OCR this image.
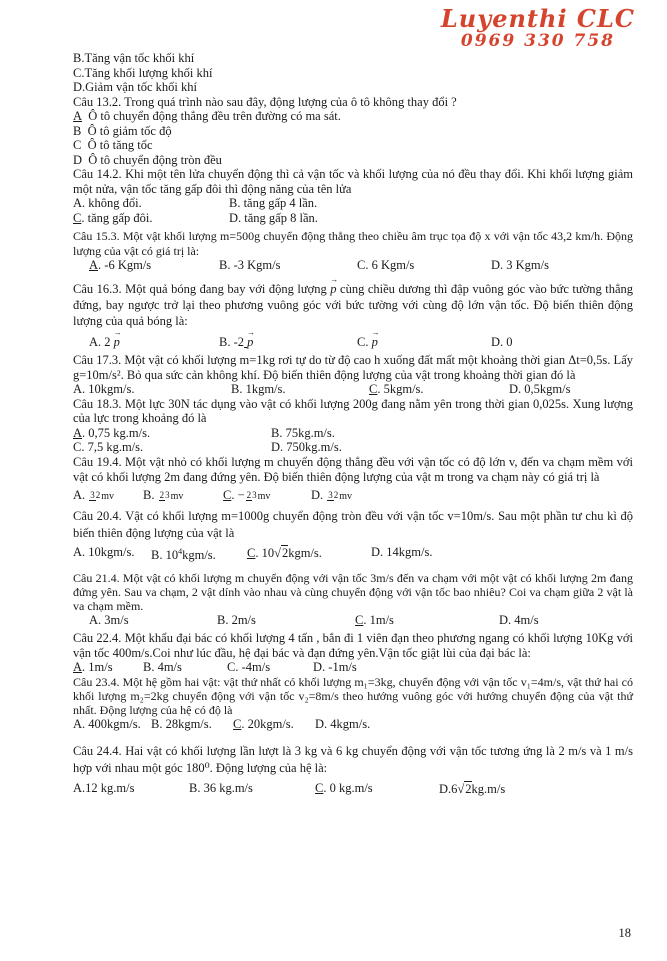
Luyenthi CLC
0969 330 758
B.Tăng vận tốc khối khí
C.Tăng khối lượng khối khí
D.Giảm vận tốc khối khí
Câu 13.2. Trong quá trình nào sau đây, động lượng của ô tô không thay đổi ?
A Ô tô chuyển động thẳng đều trên đường có ma sát.
B Ô tô giảm tốc độ
C Ô tô tăng tốc
D Ô tô chuyển động tròn đều
Câu 14.2. Khi một tên lửa chuyển động thì cả vận tốc và khối lượng của nó đều thay đổi. Khi khối lượng giảm một nửa, vận tốc tăng gấp đôi thì động năng của tên lửa
A. không đổi.	B. tăng gấp 4 lần.
C. tăng gấp đôi.	D. tăng gấp 8 lần.
Câu 15.3. Một vật khối lượng m=500g chuyển động thẳng theo chiều âm trục tọa độ x với vận tốc 43,2 km/h. Động lượng của vật có giá trị là:
A. -6 Kgm/s	B. -3 Kgm/s	C. 6 Kgm/s	D. 3 Kgm/s
Câu 16.3. Một quả bóng đang bay với động lượng → p cùng chiều dương thì đập vuông góc vào bức tường thẳng đứng, bay ngược trở lại theo phương vuông góc với bức tường với cùng độ lớn vận tốc. Độ biến thiên động lượng của quả bóng là:
A. 2 → p	B. -2 → p	C. → p	D. 0
Câu 17.3. Một vật có khối lượng m=1kg rơi tự do từ độ cao h xuống đất mất một khoảng thời gian Δt=0,5s. Lấy g=10m/s². Bỏ qua sức cản không khí. Độ biến thiên động lượng của vật trong khoảng thời gian đó là
A. 10kgm/s.	B. 1kgm/s.	C. 5kgm/s.	D. 0,5kgm/s
Câu 18.3. Một lực 30N tác dụng vào vật có khối lượng 200g đang nằm yên trong thời gian 0,025s. Xung lượng của lực trong khoảng đó là
A. 0,75 kg.m/s.	B. 75kg.m/s.
C. 7,5 kg.m/s.	D. 750kg.m/s.
Câu 19.4. Một vật nhỏ có khối lượng m chuyển động thẳng đều với vận tốc có độ lớn v, đến va chạm mềm với vật có khối lượng 2m đang đứng yên. Độ biến thiên động lượng của vật m trong va chạm này có giá trị là
A. 32mv	B. 23mv	C. − 23mv	D. 32mv
Câu 20.4. Vật có khối lượng m=1000g chuyển động tròn đều với vận tốc v=10m/s. Sau một phần tư chu kì độ biến thiên động lượng của vật là
A. 10kgm/s.	B. $10^4kgm/s$.	C. 10√2kgm/s.	D. 14kgm/s.
Câu 21.4. Một vật có khối lượng m chuyển động với vận tốc 3m/s đến va chạm với một vật có khối lượng 2m đang đứng yên. Sau va chạm, 2 vật dính vào nhau và cùng chuyển động với vận tốc bao nhiêu? Coi va chạm giữa 2 vật là va chạm mềm.
A. 3m/s	B. 2m/s	C. 1m/s	D. 4m/s
Câu 22.4. Một khẩu đại bác có khối lượng 4 tấn , bắn đi 1 viên đạn theo phương ngang có khối lượng 10Kg với vận tốc 400m/s.Coi như lúc đầu, hệ đại bác và đạn đứng yên.Vận tốc giật lùi của đại bác là:
A. 1m/s	B. 4m/s	C. -4m/s	D. -1m/s
Câu 23.4. Một hệ gồm hai vật: vật thứ nhất có khối lượng m₁=3kg, chuyển động với vận tốc v₁=4m/s, vật thứ hai có khối lượng m₂=2kg chuyển động với vận tốc v₂=8m/s theo hướng vuông góc với hướng chuyển động của vật thứ nhất. Động lượng của hệ có độ là
A. 400kgm/s. B. 28kgm/s.	C. 20kgm/s.	D. 4kgm/s.
Câu 24.4. Hai vật có khối lượng lần lượt là 3 kg và 6 kg chuyển động với vận tốc tương ứng là 2 m/s và 1 m/s hợp với nhau một góc 180⁰. Động lượng của hệ là:
A.12 kg.m/s	B. 36 kg.m/s	C. 0 kg.m/s	D.6√2kg.m/s
18
